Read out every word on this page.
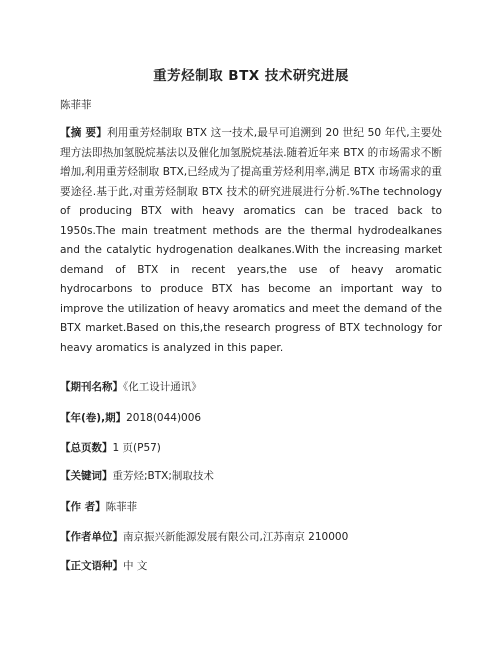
重芳烃制取 BTX 技术研究进展
陈菲菲
【摘 要】利用重芳烃制取 BTX 这一技术,最早可追溯到 20 世纪 50 年代,主要处理方法即热加氢脱烷基法以及催化加氢脱烷基法.随着近年来 BTX 的市场需求不断增加,利用重芳烃制取 BTX,已经成为了提高重芳烃利用率,满足 BTX 市场需求的重要途径.基于此,对重芳烃制取 BTX 技术的研究进展进行分析.%The technology of producing BTX with heavy aromatics can be traced back to 1950s.The main treatment methods are the thermal hydrodealkanes and the catalytic hydrogenation dealkanes.With the increasing market demand of BTX in recent years,the use of heavy aromatic hydrocarbons to produce BTX has become an important way to improve the utilization of heavy aromatics and meet the demand of the BTX market.Based on this,the research progress of BTX technology for heavy aromatics is analyzed in this paper.
【期刊名称】《化工设计通讯》
【年(卷),期】2018(044)006
【总页数】1 页(P57)
【关键词】重芳烃;BTX;制取技术
【作 者】陈菲菲
【作者单位】南京振兴新能源发展有限公司,江苏南京 210000
【正文语种】中 文
